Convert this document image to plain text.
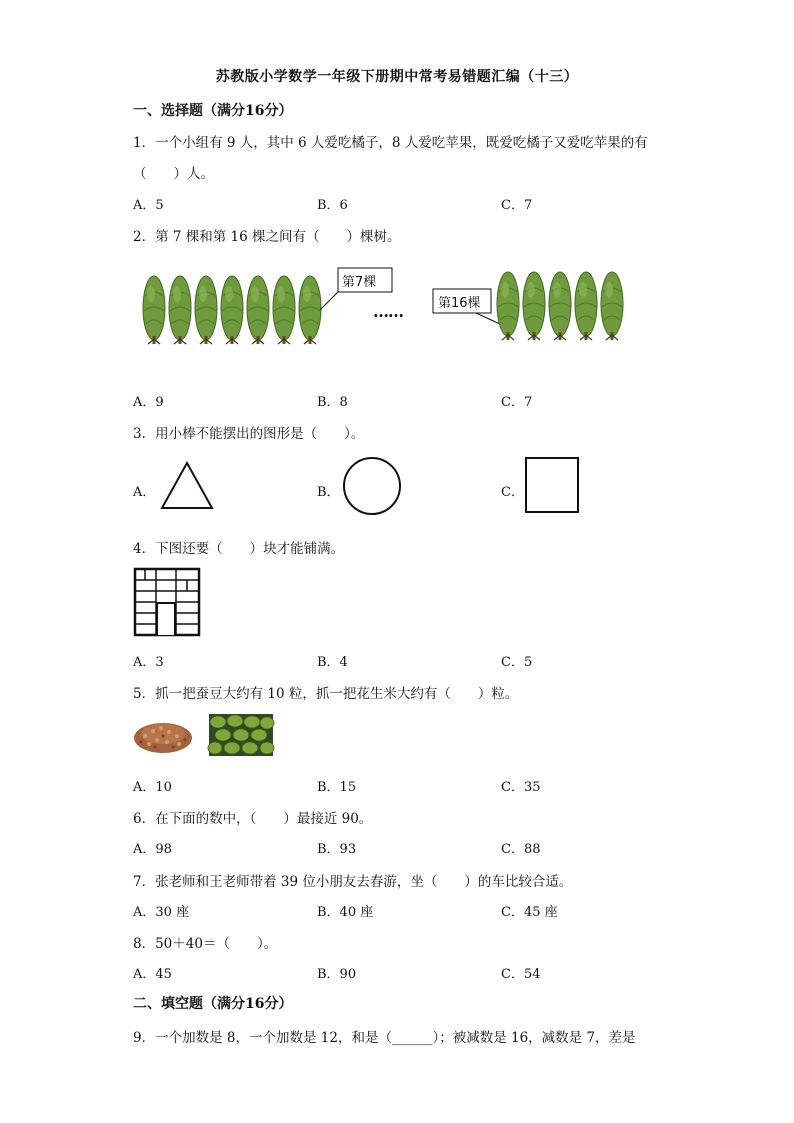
苏教版小学数学一年级下册期中常考易错题汇编（十三）
一、选择题（满分16分）
1．一个小组有 9 人，其中 6 人爱吃橘子，8 人爱吃苹果，既爱吃橘子又爱吃苹果的有
（　　）人。
A．5	B．6	C．7
2．第 7 棵和第 16 棵之间有（　　）棵树。
第7棵
第16棵
……
A．9	B．8	C．7
3．用小棒不能摆出的图形是（　　）。
A．	B．	C．
4．下图还要（　　）块才能铺满。
A．3	B．4	C．5
5．抓一把蚕豆大约有 10 粒，抓一把花生米大约有（　　）粒。
A．10	B．15	C．35
6．在下面的数中，（　　）最接近 90。
A．98	B．93	C．88
7．张老师和王老师带着 39 位小朋友去春游，坐（　　）的车比较合适。
A．30 座	B．40 座	C．45 座
8．50＋40＝（　　）。
A．45	B．90	C．54
二、填空题（满分16分）
9．一个加数是 8，一个加数是 12，和是（______）；被减数是 16，减数是 7，差是
